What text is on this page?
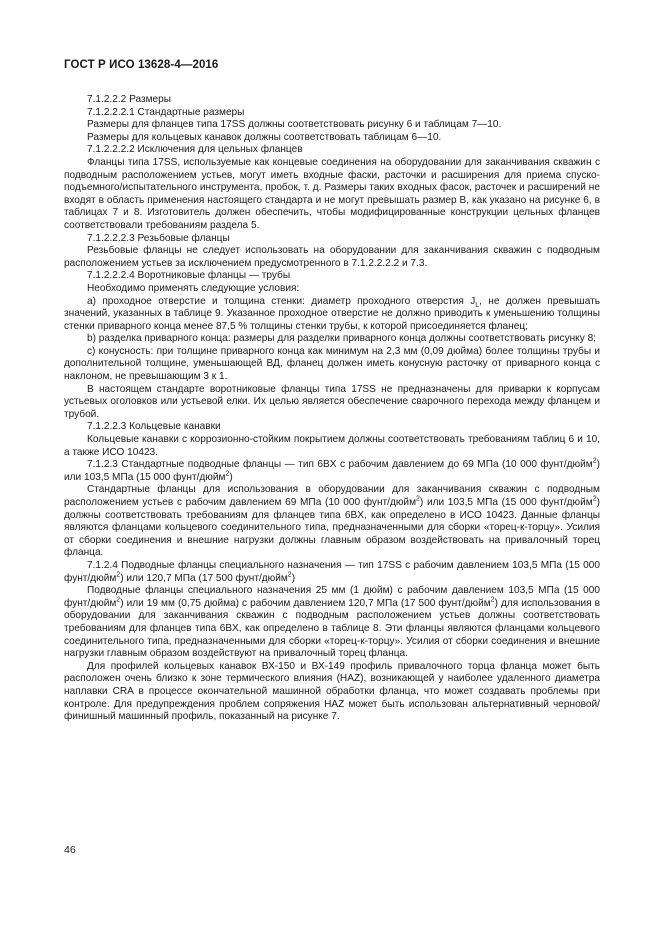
ГОСТ Р ИСО 13628-4—2016

7.1.2.2.2 Размеры

7.1.2.2.2.1 Стандартные размеры

Размеры для фланцев типа 17SS должны соответствовать рисунку 6 и таблицам 7—10.

Размеры для кольцевых канавок должны соответствовать таблицам 6—10.

7.1.2.2.2.2 Исключения для цельных фланцев

Фланцы типа 17SS, используемые как концевые соединения на оборудовании для заканчивания скважин с подводным расположением устьев, могут иметь входные фаски, расточки и расширения для приема спуско-подъемного/испытательного инструмента, пробок, т. д. Размеры таких входных фасок, расточек и расширений не входят в область применения настоящего стандарта и не могут превышать размер В, как указано на рисунке 6, в таблицах 7 и 8. Изготовитель должен обеспечить, чтобы модифицированные конструкции цельных фланцев соответствовали требованиям раздела 5.

7.1.2.2.2.3 Резьбовые фланцы

Резьбовые фланцы не следует использовать на оборудовании для заканчивания скважин с подводным расположением устьев за исключением предусмотренного в 7.1.2.2.2.2 и 7.3.

7.1.2.2.2.4 Воротниковые фланцы — трубы

Необходимо применять следующие условия:

а) проходное отверстие и толщина стенки: диаметр проходного отверстия $J_L$, не должен превышать значений, указанных в таблице 9. Указанное проходное отверстие не должно приводить к уменьшению толщины стенки приварного конца менее 87,5 % толщины стенки трубы, к которой присоединяется фланец;

b) разделка приварного конца: размеры для разделки приварного конца должны соответствовать рисунку 8;

с) конусность: при толщине приварного конца как минимум на 2,3 мм (0,09 дюйма) более толщины трубы и дополнительной толщине, уменьшающей ВД, фланец должен иметь конусную расточку от приварного конца с наклоном, не превышающим 3 к 1.

В настоящем стандарте воротниковые фланцы типа 17SS не предназначены для приварки к корпусам устьевых оголовков или устьевой елки. Их целью является обеспечение сварочного перехода между фланцем и трубой.

7.1.2.2.3 Кольцевые канавки

Кольцевые канавки с коррозионно-стойким покрытием должны соответствовать требованиям таблиц 6 и 10, а также ИСО 10423.

7.1.2.3 Стандартные подводные фланцы — тип 6BX с рабочим давлением до 69 МПа (10 000 фунт/дюйм$^2$) или 103,5 МПа (15 000 фунт/дюйм$^2$)

Стандартные фланцы для использования в оборудовании для заканчивания скважин с подводным расположением устьев с рабочим давлением 69 МПа (10 000 фунт/дюйм$^2$) или 103,5 МПа (15 000 фунт/дюйм$^2$) должны соответствовать требованиям для фланцев типа 6BX, как определено в ИСО 10423. Данные фланцы являются фланцами кольцевого соединительного типа, предназначенными для сборки «торец-к-торцу». Усилия от сборки соединения и внешние нагрузки должны главным образом воздействовать на привалочный торец фланца.

7.1.2.4 Подводные фланцы специального назначения — тип 17SS с рабочим давлением 103,5 МПа (15 000 фунт/дюйм$^2$) или 120,7 МПа (17 500 фунт/дюйм$^2$)

Подводные фланцы специального назначения 25 мм (1 дюйм) с рабочим давлением 103,5 МПа (15 000 фунт/дюйм$^2$) или 19 мм (0,75 дюйма) с рабочим давлением 120,7 МПа (17 500 фунт/дюйм$^2$) для использования в оборудовании для заканчивания скважин с подводным расположением устьев должны соответствовать требованиям для фланцев типа 6BX, как определено в таблице 8. Эти фланцы являются фланцами кольцевого соединительного типа, предназначенными для сборки «торец-к-торцу». Усилия от сборки соединения и внешние нагрузки главным образом воздействуют на привалочный торец фланца.

Для профилей кольцевых канавок ВХ-150 и ВХ-149 профиль привалочного торца фланца может быть расположен очень близко к зоне термического влияния (HAZ), возникающей у наиболее удаленного диаметра наплавки CRA в процессе окончательной машинной обработки фланца, что может создавать проблемы при контроле. Для предупреждения проблем сопряжения HAZ может быть использован альтернативный черновой/финишный машинный профиль, показанный на рисунке 7.

46
